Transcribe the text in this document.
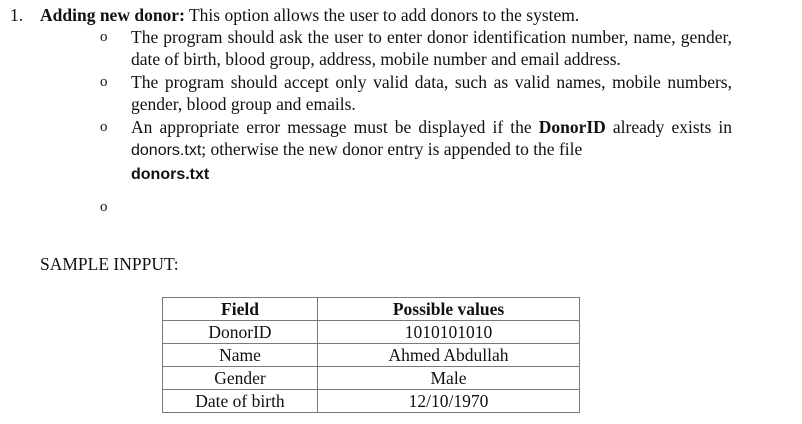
1. Adding new donor: This option allows the user to add donors to the system.
o The program should ask the user to enter donor identification number, name, gender, date of birth, blood group, address, mobile number and email address.
o The program should accept only valid data, such as valid names, mobile numbers, gender, blood group and emails.
o An appropriate error message must be displayed if the DonorID already exists in donors.txt; otherwise the new donor entry is appended to the file
donors.txt
o
SAMPLE INPPUT:
Field	Possible values
DonorID	1010101010
Name	Ahmed Abdullah
Gender	Male
Date of birth	12/10/1970
